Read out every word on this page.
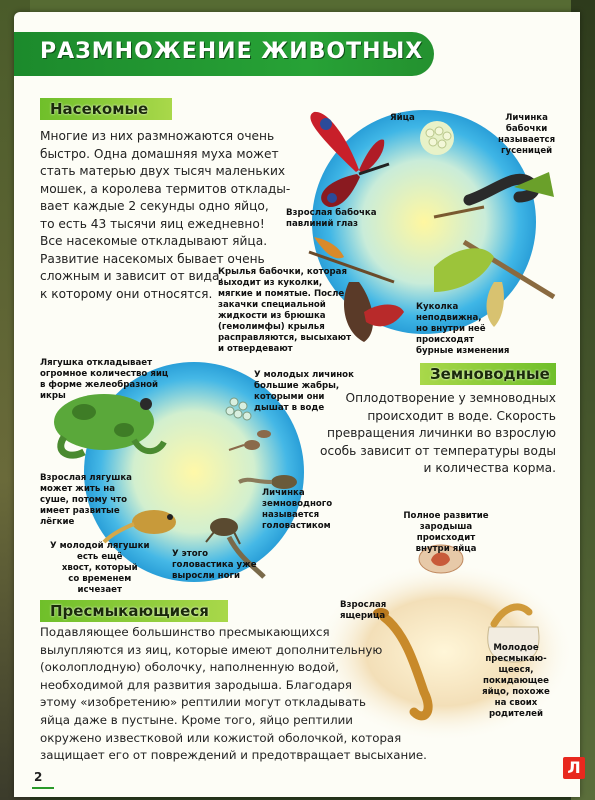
РАЗМНОЖЕНИЕ ЖИВОТНЫХ
Насекомые
Многие из них размножаются очень
быстро. Одна домашняя муха может
стать матерью двух тысяч маленьких
мошек, а королева термитов отклады-
вает каждые 2 секунды одно яйцо,
то есть 43 тысячи яиц ежедневно!
Все насекомые откладывают яйца.
Развитие насекомых бывает очень
сложным и зависит от вида,
к которому они относятся.
Яйца	Личинка
бабочки
называется
гусеницей
Взрослая бабочка
павлиний глаз
Крылья бабочки, которая
выходит из куколки,
мягкие и помятые. После
закачки специальной
жидкости из брюшка
(гемолимфы) крылья
расправляются, высыхают
и отвердевают
Куколка
неподвижна,
но внутри неё
происходят
бурные изменения
Лягушка откладывает
огромное количество яиц
в форме желеобразной
икры
У молодых личинок
большие жабры,
которыми они
дышат в воде
Взрослая лягушка
может жить на
суше, потому что
имеет развитые
лёгкие
Личинка
земноводного
называется
головастиком
У молодой лягушки
есть ещё
хвост, который
со временем
исчезает
У этого
головастика уже
выросли ноги
Земноводные
Оплодотворение у земноводных
происходит в воде. Скорость
превращения личинки во взрослую
особь зависит от температуры воды
и количества корма.
Полное развитие
зародыша происходит
внутри яйца
Взрослая
ящерица
Молодое
пресмыкаю-
щееся,
покидающее
яйцо, похоже
на своих
родителей
Пресмыкающиеся
Подавляющее большинство пресмыкающихся
вылупляются из яиц, которые имеют дополнительную
(околоплодную) оболочку, наполненную водой,
необходимой для развития зародыша. Благодаря
этому «изобретению» рептилии могут откладывать
яйца даже в пустыне. Кроме того, яйцо рептилии
окружено известковой или кожистой оболочкой, которая
защищает его от повреждений и предотвращает высыхание.
2	Л
